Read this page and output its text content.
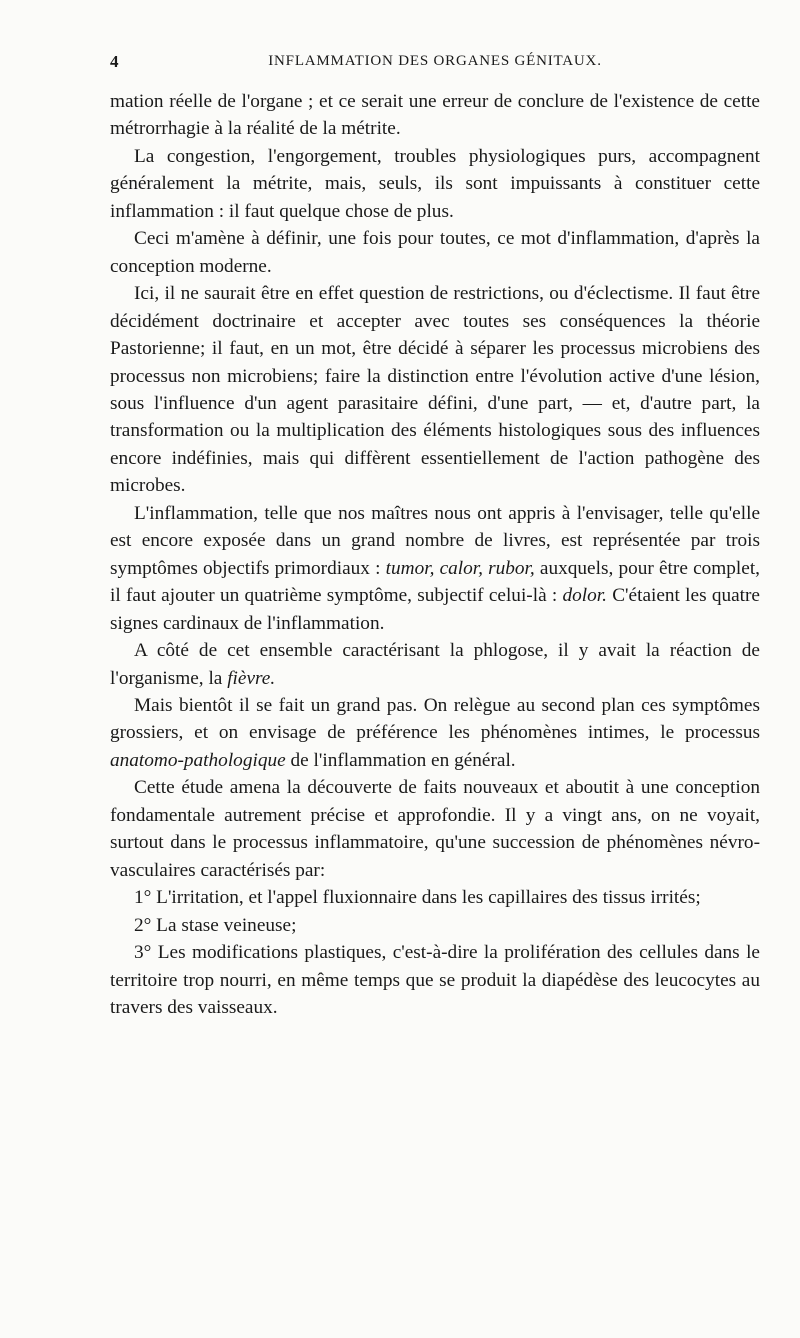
4	INFLAMMATION DES ORGANES GÉNITAUX.

mation réelle de l'organe ; et ce serait une erreur de conclure de l'existence de cette métrorrhagie à la réalité de la métrite.

La congestion, l'engorgement, troubles physiologiques purs, accompagnent généralement la métrite, mais, seuls, ils sont impuissants à constituer cette inflammation : il faut quelque chose de plus.

Ceci m'amène à définir, une fois pour toutes, ce mot d'inflammation, d'après la conception moderne.

Ici, il ne saurait être en effet question de restrictions, ou d'éclectisme. Il faut être décidément doctrinaire et accepter avec toutes ses conséquences la théorie Pastorienne; il faut, en un mot, être décidé à séparer les processus microbiens des processus non microbiens; faire la distinction entre l'évolution active d'une lésion, sous l'influence d'un agent parasitaire défini, d'une part, — et, d'autre part, la transformation ou la multiplication des éléments histologiques sous des influences encore indéfinies, mais qui diffèrent essentiellement de l'action pathogène des microbes.

L'inflammation, telle que nos maîtres nous ont appris à l'envisager, telle qu'elle est encore exposée dans un grand nombre de livres, est représentée par trois symptômes objectifs primordiaux : tumor, calor, rubor, auxquels, pour être complet, il faut ajouter un quatrième symptôme, subjectif celui-là : dolor. C'étaient les quatre signes cardinaux de l'inflammation.

A côté de cet ensemble caractérisant la phlogose, il y avait la réaction de l'organisme, la fièvre.

Mais bientôt il se fait un grand pas. On relègue au second plan ces symptômes grossiers, et on envisage de préférence les phénomènes intimes, le processus anatomo-pathologique de l'inflammation en général.

Cette étude amena la découverte de faits nouveaux et aboutit à une conception fondamentale autrement précise et approfondie. Il y a vingt ans, on ne voyait, surtout dans le processus inflammatoire, qu'une succession de phénomènes névro-vasculaires caractérisés par:

1° L'irritation, et l'appel fluxionnaire dans les capillaires des tissus irrités;

2° La stase veineuse;

3° Les modifications plastiques, c'est-à-dire la prolifération des cellules dans le territoire trop nourri, en même temps que se produit la diapédèse des leucocytes au travers des vaisseaux.
